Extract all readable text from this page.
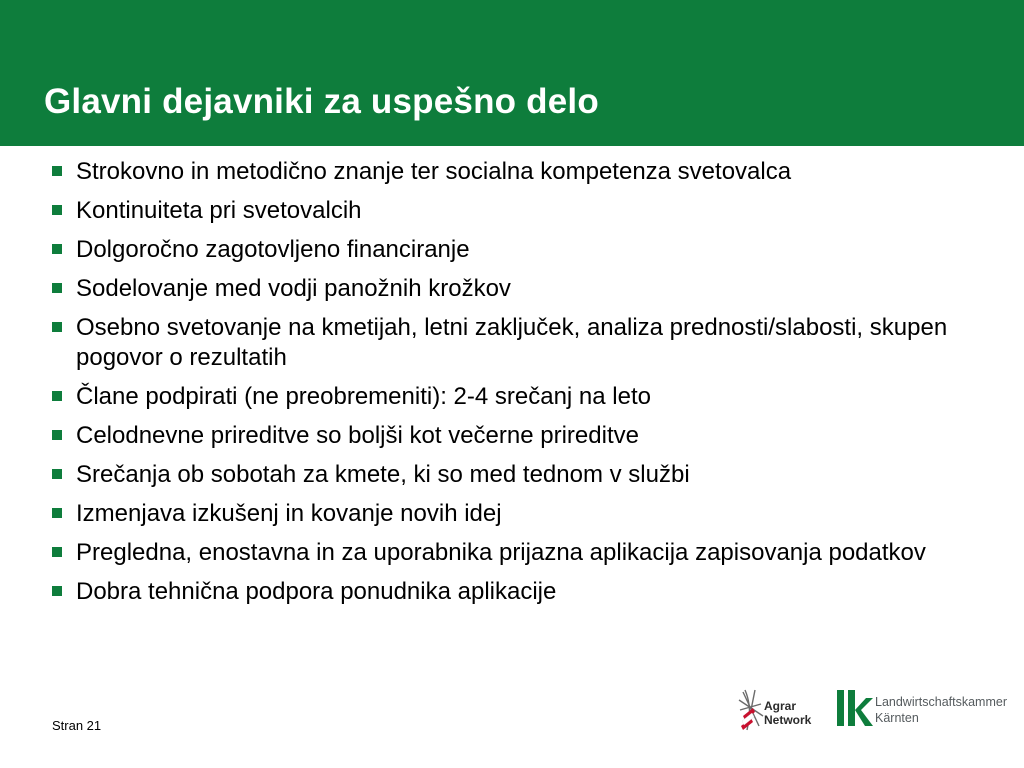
Glavni dejavniki za uspešno delo
Strokovno in metodično znanje ter socialna kompetenza svetovalca
Kontinuiteta pri svetovalcih
Dolgoročno zagotovljeno financiranje
Sodelovanje med vodji panožnih krožkov
Osebno svetovanje na kmetijah, letni zaključek, analiza prednosti/slabosti, skupen pogovor o rezultatih
Člane podpirati (ne preobremeniti): 2-4 srečanj na leto
Celodnevne prireditve so boljši kot večerne prireditve
Srečanja ob sobotah za kmete, ki so med tednom v službi
Izmenjava izkušenj in kovanje novih idej
Pregledna, enostavna in za uporabnika prijazna aplikacija zapisovanja podatkov
Dobra tehnična podpora ponudnika aplikacije
Stran 21
Agrar
Network
Landwirtschaftskammer
Kärnten
